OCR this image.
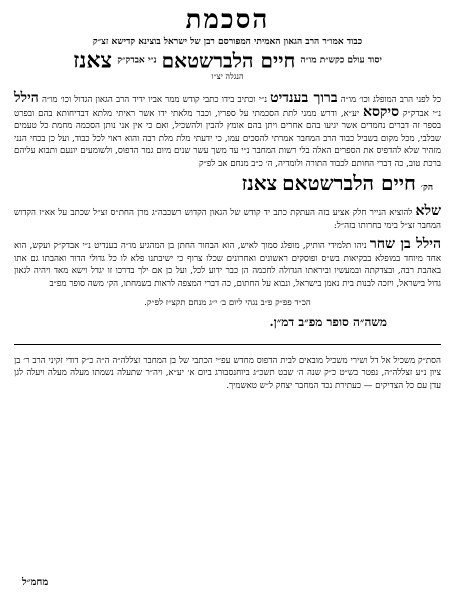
הסכמת
כבוד אמו״ר הרב הגאון האמיתי המפורסם רבן של ישראל בוצינא קדישא זצ״ק
יסוד עולם כקש״ת מו״ה חיים הלברשטאם נ״י אבדק״ק צאנז
הנגלה יצ״ו
כל לפני הרב המופלג וכו׳ מו״ה ברוך בענדיט נ״י וכתיב בידו כתבי קודש ממר אביו ידיד הרב הגאון הגדול וכו׳ מו״ה הילל נ״י אבדק״ק סיקסא יע״א, ודרש ממני לתת הסכמתי על ספריו, וכבר מלאתי ידו אשר ראיתי מלתא דבדיחותא בהם ובפרט בספר זה דברים נחמדים אשר יגיעו בהם אחרים ויתן בהם אומץ להבין ולהשכיל, ואם כי אין אני נותן הסכמה מחמת כל טעמים שבלבי, מכל מקום בשביל כבוד הרב המחבר אמרתי להסכים עמו, כי ידעתי מלת מלת רבה והוא ראוי לכל כבוד, ועל כן בכחי הנני מזהיר שלא להדפיס את הספרים האלה בלי רשות המחבר נ״י עד משך עשר שנים מיום גמר הדפוס, ולשומעים יונעם ותבוא עליהם ברכת טוב, כה דברי החותם לכבוד התורה ולומדיה, ה׳ כ״ב מנחם אב לפ״ק
הק׳ חיים הלברשטאם צאנז
שלא להוציא הנייר חלק אציע בזה העתקת כתב יד קודש של הגאון הקדוש רשכבה״ג מרן החת״ס זצ״ל שכתב על אא״ז הקדוש המחבר זצ״ל בימי בחרותו בזה״ל:
הילל בן שחר ניהו תלמידי הותיק, מופלג סמוך לאיש, הוא הבחור החתן בן המהגיע מו״ה בענדיט נ״י אבדק״ק ועקש, הוא אחד מיוחד במופלא בבקיאות בש״ס ופוסקים ראשונים ואחרונים שכלו צרוף כי ישיבתנו פלא לו כל גדולי הדור ואהבתו גם אתו באהבת רבה, ובצדקתה ובמעשיו וביראתו הגדולה לחכמה הן כבר ידוע לכל, ועל כן אם ילך בדרכו זו יגדל וישא מאד ויהיה לגאון גדול בישראל, ויזכה לבנות בית נאמן בישראל, ונבוא על החתום, כה דברי המצפה לראות בשמחתו, הק׳ משה סופר מפ״ב
הכ״ד פפ״ק פ״ב נגהי ליום ב׳ י״ג מנחם תקצ״ז לפ״ק.
משה״ה סופר מפ״ב דמ״ן.
הסת״ק משכיל אל דל ושירי משכיל מובאים לבית הדפוס מחדש עפ״י הכתבי של בן המחבר זצללה״ה ה״ה כ״ק דודי זקיני הרב ר׳ בן ציון נ״ע זצללה״ה, נפטר בש״ט כ״ק שנה ה׳ שבט תשכ״ג ביוחנסבורג ביום א׳ יע״א, ויה״ר שתעלה נשמתו מעלה מעלה ויעלה לגן עדן עם כל הצדיקים — כעתירת נכד המחבר יצחק ל״ש טאשמיך.
מחמ״ל
